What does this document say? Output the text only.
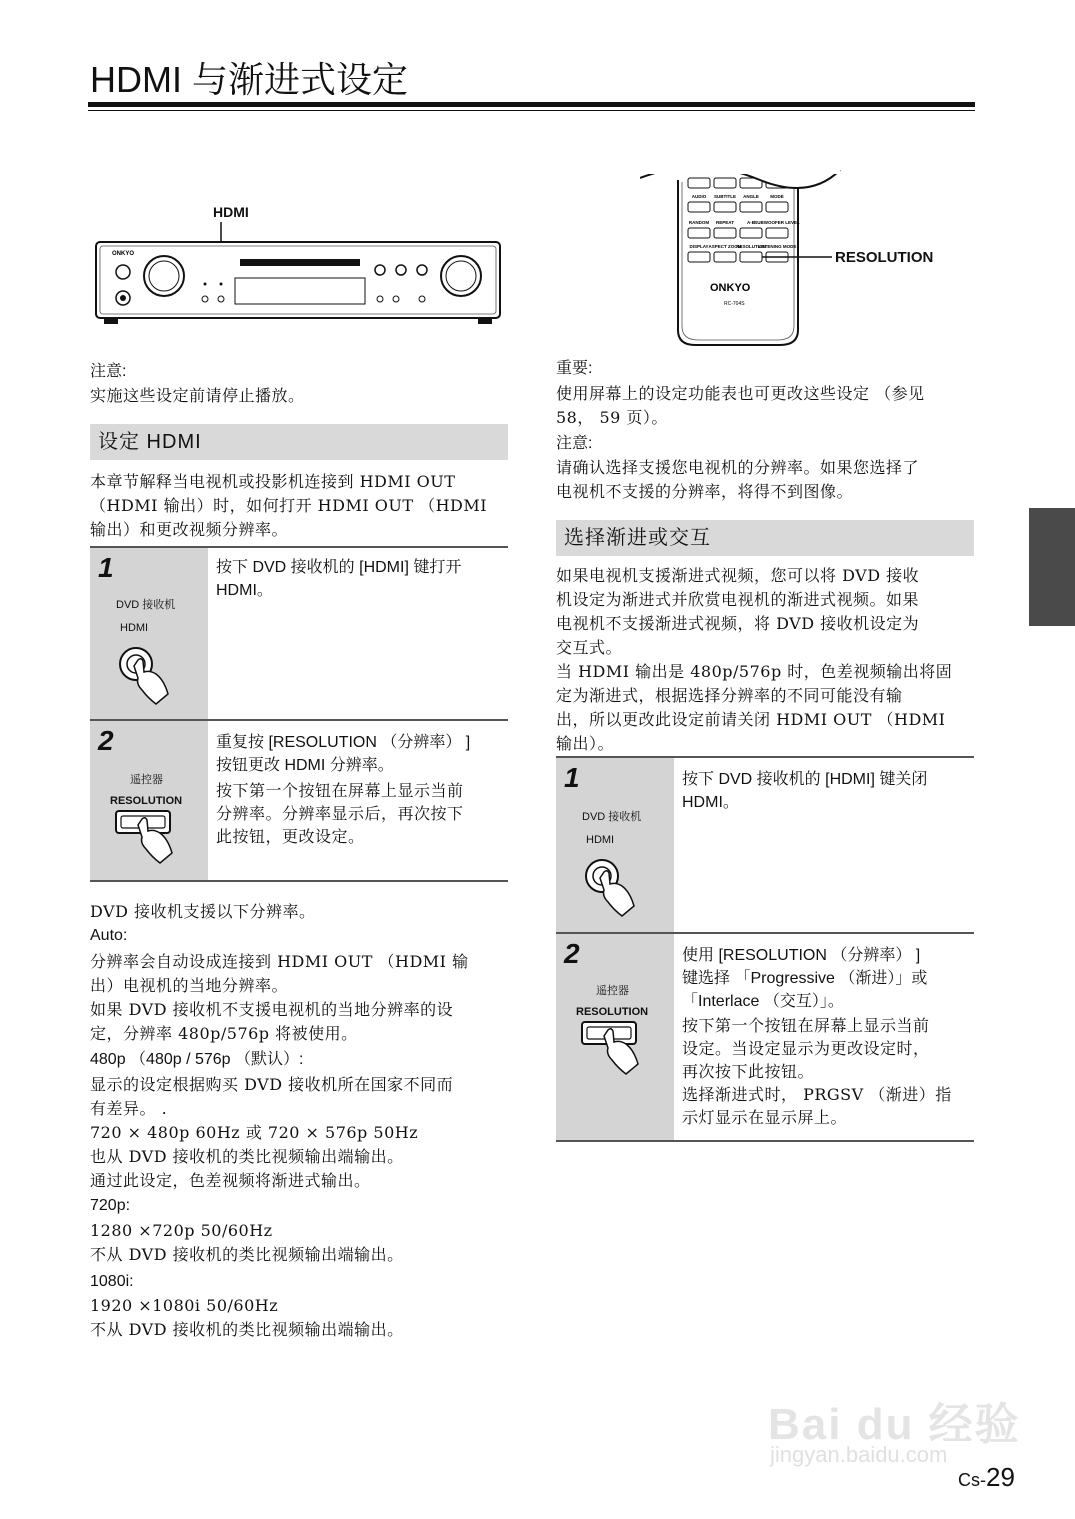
HDMI 与渐进式设定
HDMI
ONKYO
ONKYO
RC-704S
AUDIO SUBTITLE ANGLE	MODE
RANDOM REPEAT	A-B SUBWOOFER LEVEL
DISPLAY ASPECT ZOOM
RESOLUTION
LISTENING MODE
RESOLUTION
注意:
实施这些设定前请停止播放。
设定 HDMI
本章节解释当电视机或投影机连接到 HDMI OUT
（HDMI 输出）时，如何打开 HDMI OUT （HDMI
输出）和更改视频分辨率。
1
DVD 接收机
HDMI
按下 DVD 接收机的 [HDMI] 键打开
HDMI。
2
遥控器
RESOLUTION
重复按 [RESOLUTION （分辨率） ]
按钮更改 HDMI 分辨率。
按下第一个按钮在屏幕上显示当前
分辨率。分辨率显示后，再次按下
此按钮，更改设定。
DVD 接收机支援以下分辨率。
Auto:
分辨率会自动设成连接到 HDMI OUT （HDMI 输
出）电视机的当地分辨率。
如果 DVD 接收机不支援电视机的当地分辨率的设
定，分辨率 480p/576p 将被使用。
480p （480p / 576p （默认）:
显示的设定根据购买 DVD 接收机所在国家不同而
有差异。 .
720 × 480p 60Hz 或 720 × 576p 50Hz
也从 DVD 接收机的类比视频输出端输出。
通过此设定，色差视频将渐进式输出。
720p:
1280 ×720p 50/60Hz
不从 DVD 接收机的类比视频输出端输出。
1080i:
1920 ×1080i 50/60Hz
不从 DVD 接收机的类比视频输出端输出。
重要:
使用屏幕上的设定功能表也可更改这些设定 （参见
58， 59 页）。
注意:
请确认选择支援您电视机的分辨率。如果您选择了
电视机不支援的分辨率，将得不到图像。
选择渐进或交互
如果电视机支援渐进式视频，您可以将 DVD 接收
机设定为渐进式并欣赏电视机的渐进式视频。如果
电视机不支援渐进式视频，将 DVD 接收机设定为
交互式。
当 HDMI 输出是 480p/576p 时，色差视频输出将固
定为渐进式，根据选择分辨率的不同可能没有输
出，所以更改此设定前请关闭 HDMI OUT （HDMI
输出）。
1
DVD 接收机
HDMI
按下 DVD 接收机的 [HDMI] 键关闭
HDMI。
2
遥控器
RESOLUTION
使用 [RESOLUTION （分辨率） ]
键选择 「Progressive （渐进）」或
「Interlace （交互）」。
按下第一个按钮在屏幕上显示当前
设定。当设定显示为更改设定时，
再次按下此按钮。
选择渐进式时， PRGSV （渐进）指
示灯显示在显示屏上。
Bai du 经验
jingyan.baidu.com
Cs-29
